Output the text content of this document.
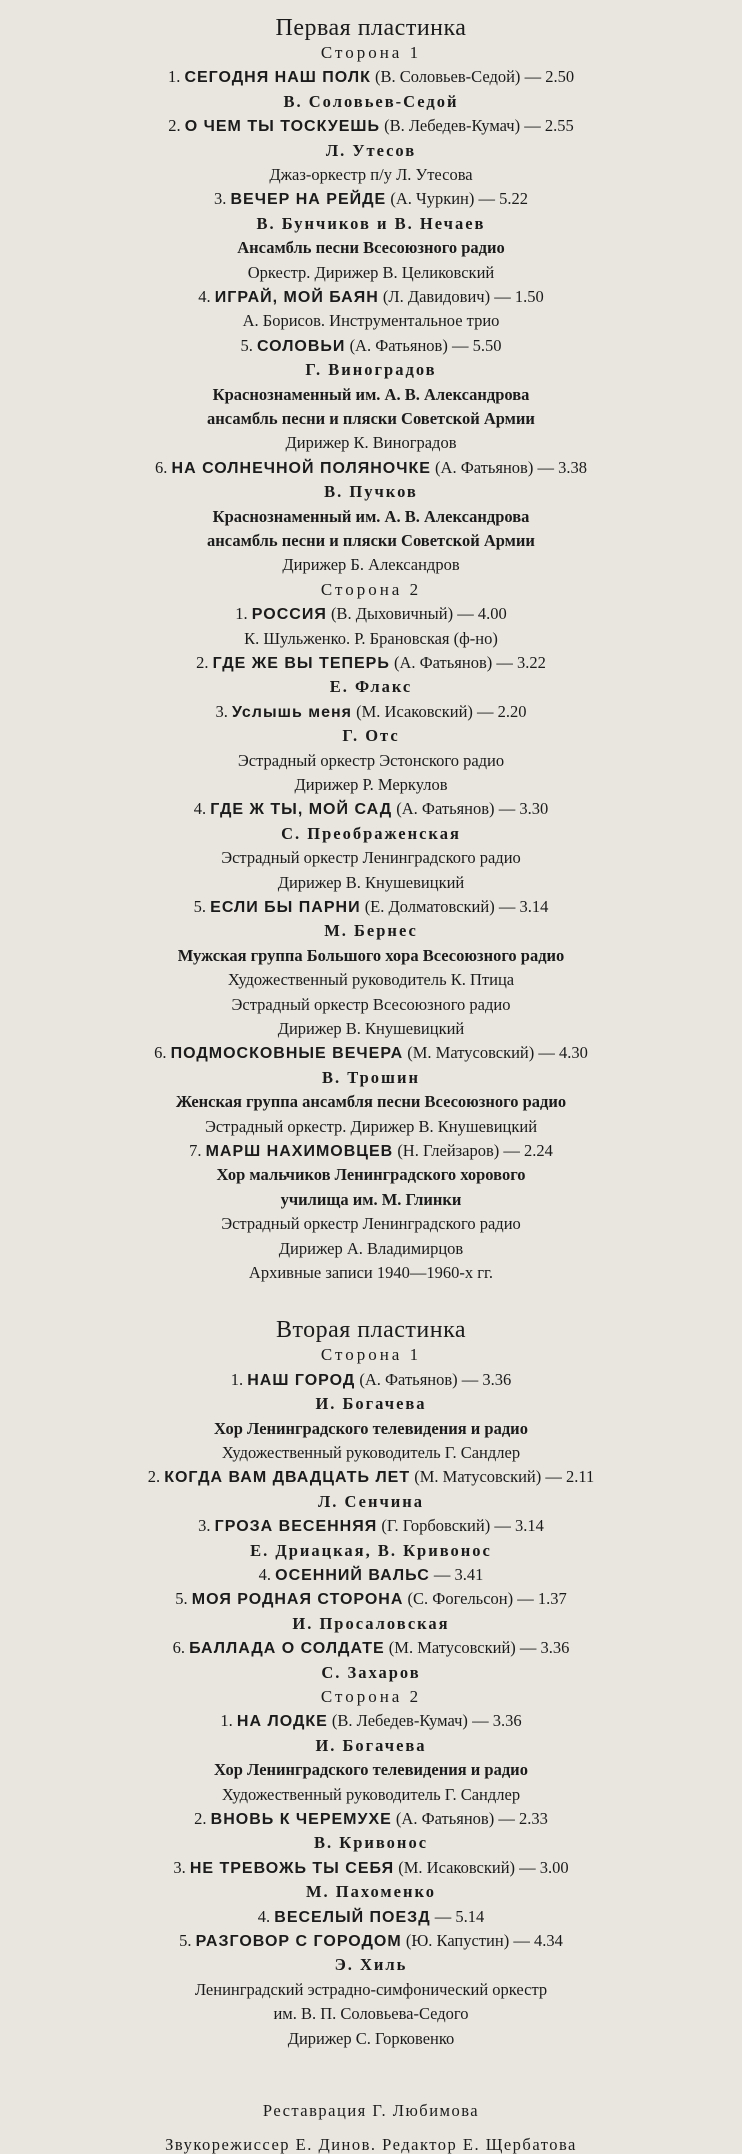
Первая пластинка
Сторона 1
1. СЕГОДНЯ НАШ ПОЛК (В. Соловьев-Седой) — 2.50
В. Соловьев-Седой
2. О ЧЕМ ТЫ ТОСКУЕШЬ (В. Лебедев-Кумач) — 2.55
Л. Утесов
Джаз-оркестр п/у Л. Утесова
3. ВЕЧЕР НА РЕЙДЕ (А. Чуркин) — 5.22
В. Бунчиков и В. Нечаев
Ансамбль песни Всесоюзного радио
Оркестр. Дирижер В. Целиковский
4. ИГРАЙ, МОЙ БАЯН (Л. Давидович) — 1.50
А. Борисов. Инструментальное трио
5. СОЛОВЬИ (А. Фатьянов) — 5.50
Г. Виноградов
Краснознаменный им. А. В. Александрова
ансамбль песни и пляски Советской Армии
Дирижер К. Виноградов
6. НА СОЛНЕЧНОЙ ПОЛЯНОЧКЕ (А. Фатьянов) — 3.38
В. Пучков
Краснознаменный им. А. В. Александрова
ансамбль песни и пляски Советской Армии
Дирижер Б. Александров
Сторона 2
1. РОССИЯ (В. Дыховичный) — 4.00
К. Шульженко. Р. Брановская (ф-но)
2. ГДЕ ЖЕ ВЫ ТЕПЕРЬ (А. Фатьянов) — 3.22
Е. Флакс
3. Услышь меня (М. Исаковский) — 2.20
Г. Отс
Эстрадный оркестр Эстонского радио
Дирижер Р. Меркулов
4. ГДЕ Ж ТЫ, МОЙ САД (А. Фатьянов) — 3.30
С. Преображенская
Эстрадный оркестр Ленинградского радио
Дирижер В. Кнушевицкий
5. ЕСЛИ БЫ ПАРНИ (Е. Долматовский) — 3.14
М. Бернес
Мужская группа Большого хора Всесоюзного радио
Художественный руководитель К. Птица
Эстрадный оркестр Всесоюзного радио
Дирижер В. Кнушевицкий
6. ПОДМОСКОВНЫЕ ВЕЧЕРА (М. Матусовский) — 4.30
В. Трошин
Женская группа ансамбля песни Всесоюзного радио
Эстрадный оркестр. Дирижер В. Кнушевицкий
7. МАРШ НАХИМОВЦЕВ (Н. Глейзаров) — 2.24
Хор мальчиков Ленинградского хорового
училища им. М. Глинки
Эстрадный оркестр Ленинградского радио
Дирижер А. Владимирцов
Архивные записи 1940—1960-х гг.
Вторая пластинка
Сторона 1
1. НАШ ГОРОД (А. Фатьянов) — 3.36
И. Богачева
Хор Ленинградского телевидения и радио
Художественный руководитель Г. Сандлер
2. КОГДА ВАМ ДВАДЦАТЬ ЛЕТ (М. Матусовский) — 2.11
Л. Сенчина
3. ГРОЗА ВЕСЕННЯЯ (Г. Горбовский) — 3.14
Е. Дриацкая, В. Кривонос
4. ОСЕННИЙ ВАЛЬС — 3.41
5. МОЯ РОДНАЯ СТОРОНА (С. Фогельсон) — 1.37
И. Просаловская
6. БАЛЛАДА О СОЛДАТЕ (М. Матусовский) — 3.36
С. Захаров
Сторона 2
1. НА ЛОДКЕ (В. Лебедев-Кумач) — 3.36
И. Богачева
Хор Ленинградского телевидения и радио
Художественный руководитель Г. Сандлер
2. ВНОВЬ К ЧЕРЕМУХЕ (А. Фатьянов) — 2.33
В. Кривонос
3. НЕ ТРЕВОЖЬ ТЫ СЕБЯ (М. Исаковский) — 3.00
М. Пахоменко
4. ВЕСЕЛЫЙ ПОЕЗД — 5.14
5. РАЗГОВОР С ГОРОДОМ (Ю. Капустин) — 4.34
Э. Хиль
Ленинградский эстрадно-симфонический оркестр
им. В. П. Соловьева-Седого
Дирижер С. Горковенко
Реставрация Г. Любимова
Звукорежиссер Е. Динов. Редактор Е. Щербатова
